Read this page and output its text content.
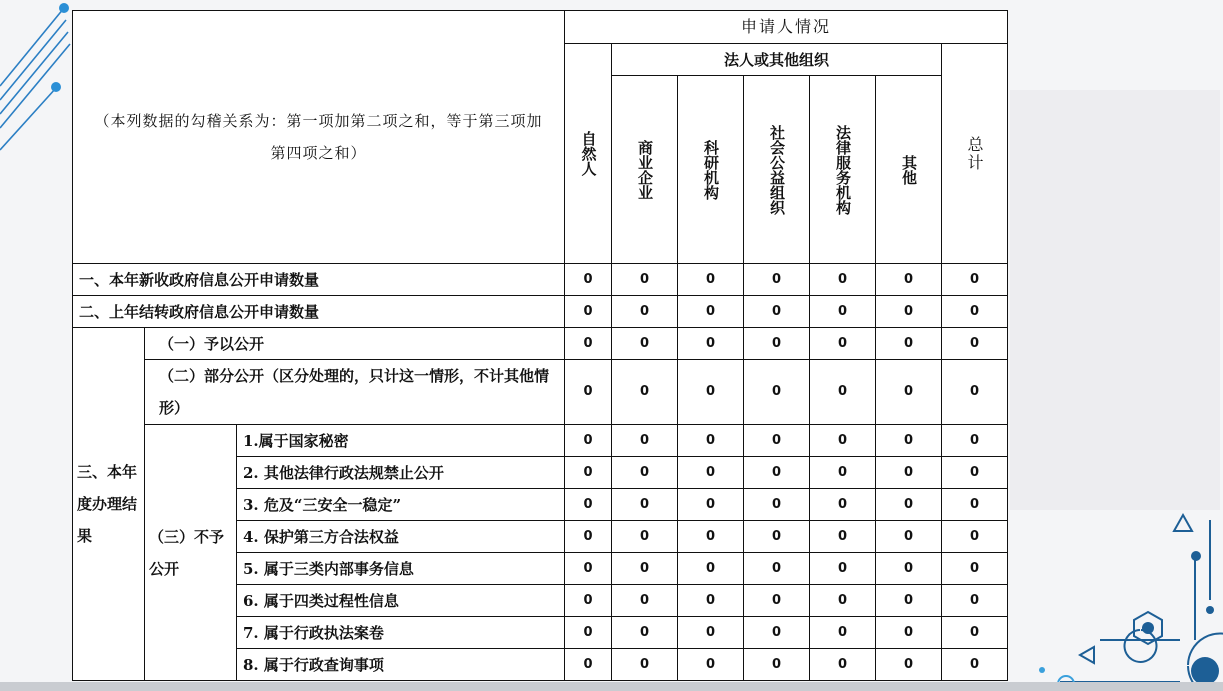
（本列数据的勾稽关系为：第一项加第二项之和，等于第三项加第四项之和）			申请人情况						
			自然人	法人或其他组织					总计
				商业企业	科研机构	社会公益组织	法律服务机构	其他	
一、本年新收政府信息公开申请数量			0	0	0	0	0	0	0
二、上年结转政府信息公开申请数量			0	0	0	0	0	0	0
三、本年度办理结果	（一）予以公开		0	0	0	0	0	0	0
	（二）部分公开（区分处理的，只计这一情形，不计其他情形）		0	0	0	0	0	0	0
	（三）不予公开	1.属于国家秘密	0	0	0	0	0	0	0
		2. 其他法律行政法规禁止公开	0	0	0	0	0	0	0
		3. 危及“三安全一稳定”	0	0	0	0	0	0	0
		4. 保护第三方合法权益	0	0	0	0	0	0	0
		5. 属于三类内部事务信息	0	0	0	0	0	0	0
		6. 属于四类过程性信息	0	0	0	0	0	0	0
		7. 属于行政执法案卷	0	0	0	0	0	0	0
		8. 属于行政查询事项	0	0	0	0	0	0	0
